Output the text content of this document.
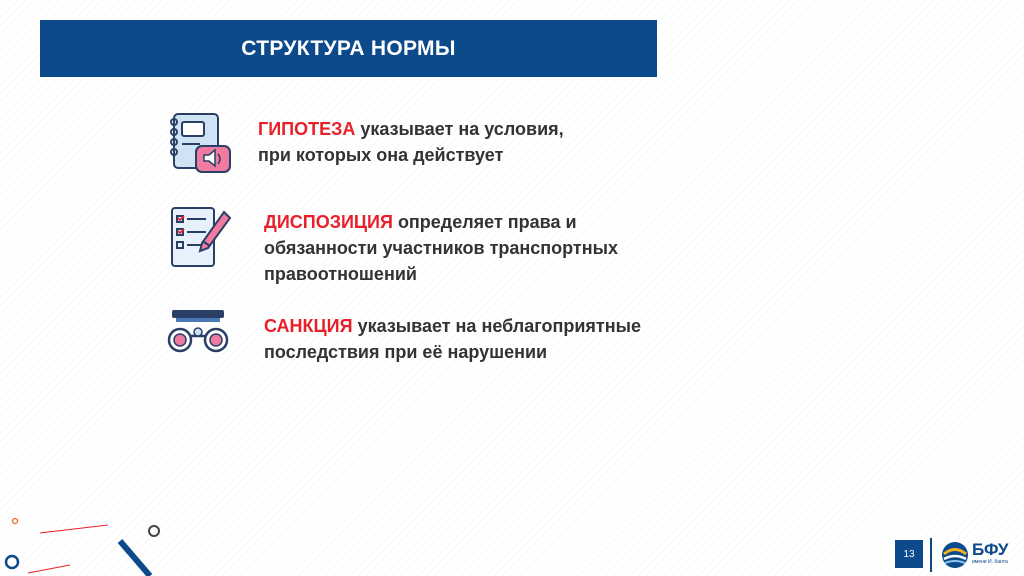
СТРУКТУРА НОРМЫ
ГИПОТЕЗА указывает на условия,
при которых она действует
ДИСПОЗИЦИЯ определяет права и
обязанности участников транспортных
правоотношений
САНКЦИЯ указывает на неблагоприятные
последствия при её нарушении
13	БФУ
имени И. Канта
